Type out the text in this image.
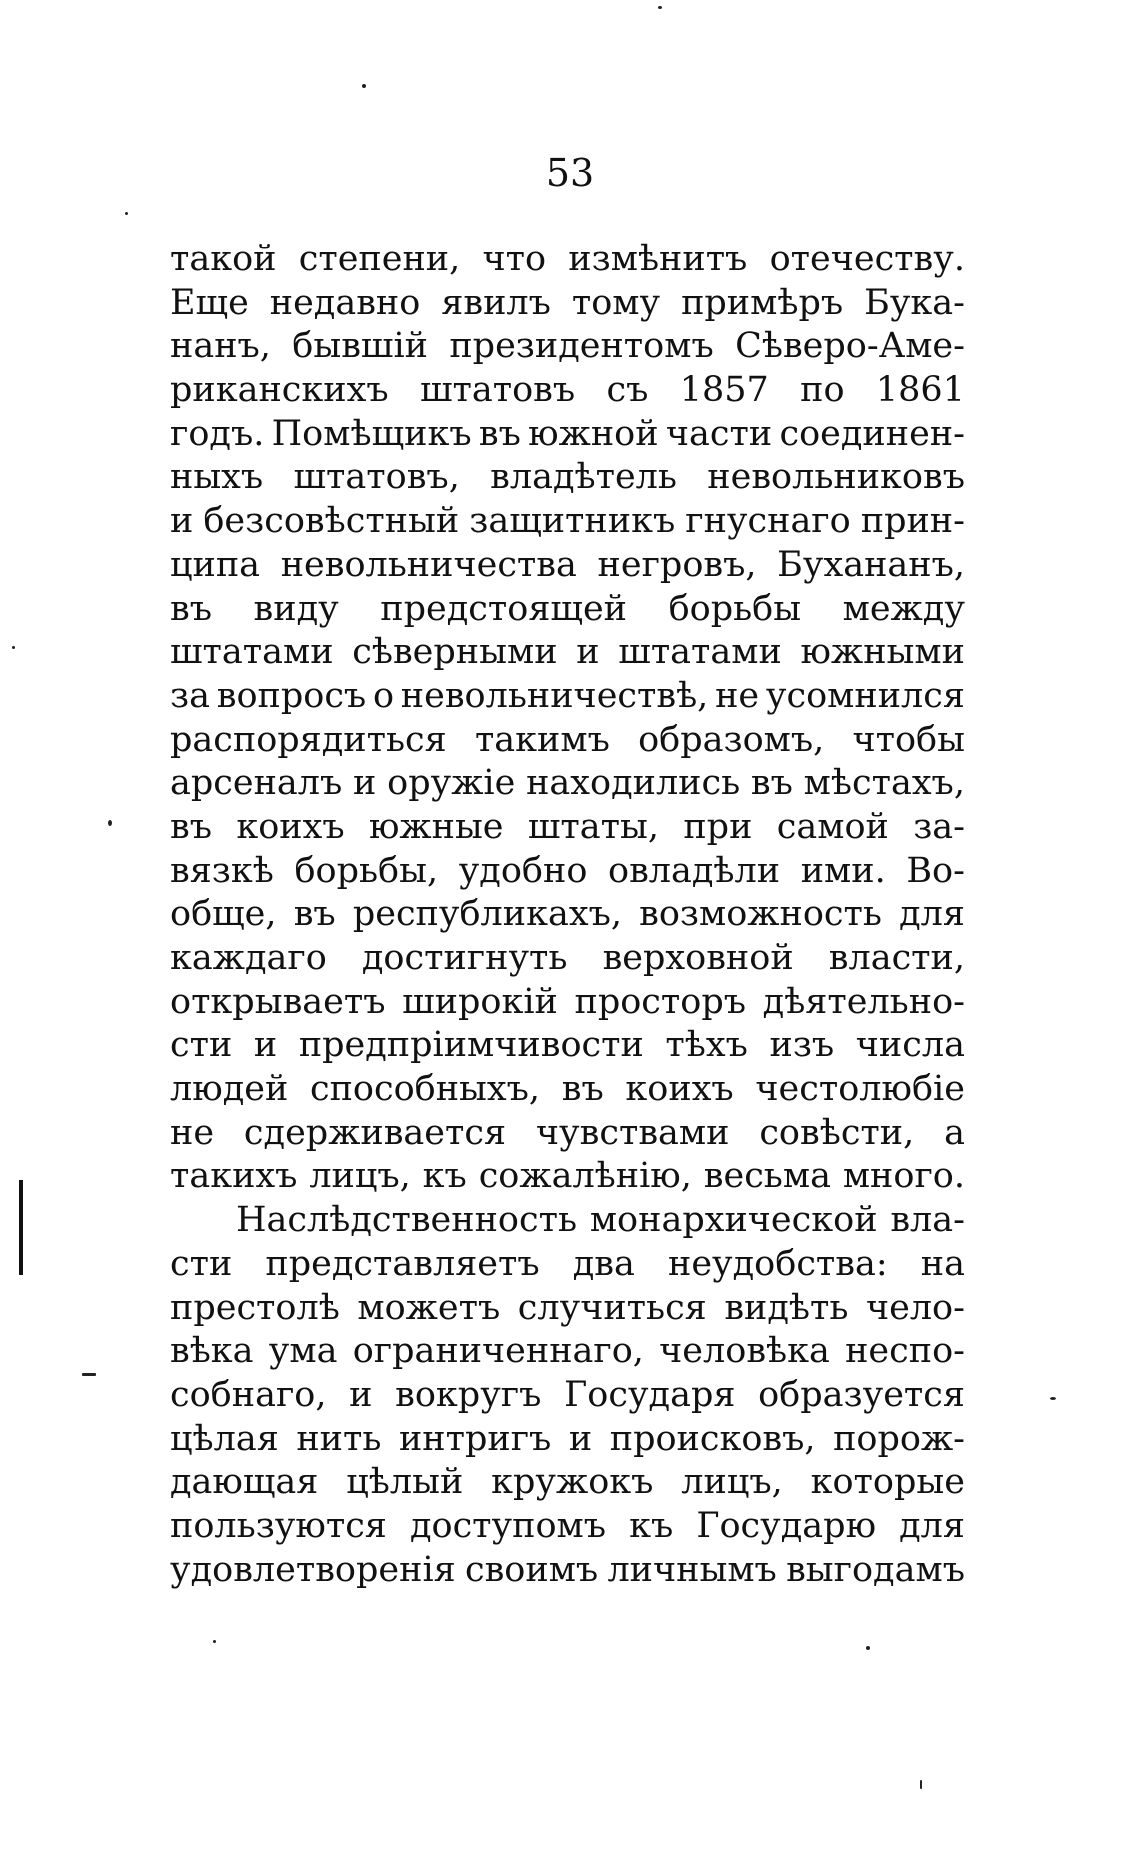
53
такой степени, что измѣнитъ отечеству.
Еще недавно явилъ тому примѣръ Бука-
нанъ, бывшій президентомъ Сѣверо-Аме-
риканскихъ штатовъ съ 1857 по 1861
годъ. Помѣщикъ въ южной части соединен-
ныхъ штатовъ, владѣтель невольниковъ
и безсовѣстный защитникъ гнуснаго прин-
ципа невольничества негровъ, Бухананъ,
въ виду предстоящей борьбы между
штатами сѣверными и штатами южными
за вопросъ о невольничествѣ, не усомнился
распорядиться такимъ образомъ, чтобы
арсеналъ и оружіе находились въ мѣстахъ,
въ коихъ южные штаты, при самой за-
вязкѣ борьбы, удобно овладѣли ими. Во-
обще, въ республикахъ, возможность для
каждаго достигнуть верховной власти,
открываетъ широкій просторъ дѣятельно-
сти и предпріимчивости тѣхъ изъ числа
людей способныхъ, въ коихъ честолюбіе
не сдерживается чувствами совѣсти, а
такихъ лицъ, къ сожалѣнію, весьма много.
Наслѣдственность монархической вла-
сти представляетъ два неудобства: на
престолѣ можетъ случиться видѣть чело-
вѣка ума ограниченнаго, человѣка неспо-
собнаго, и вокругъ Государя образуется
цѣлая нить интригъ и происковъ, порож-
дающая цѣлый кружокъ лицъ, которые
пользуются доступомъ къ Государю для
удовлетворенія своимъ личнымъ выгодамъ
